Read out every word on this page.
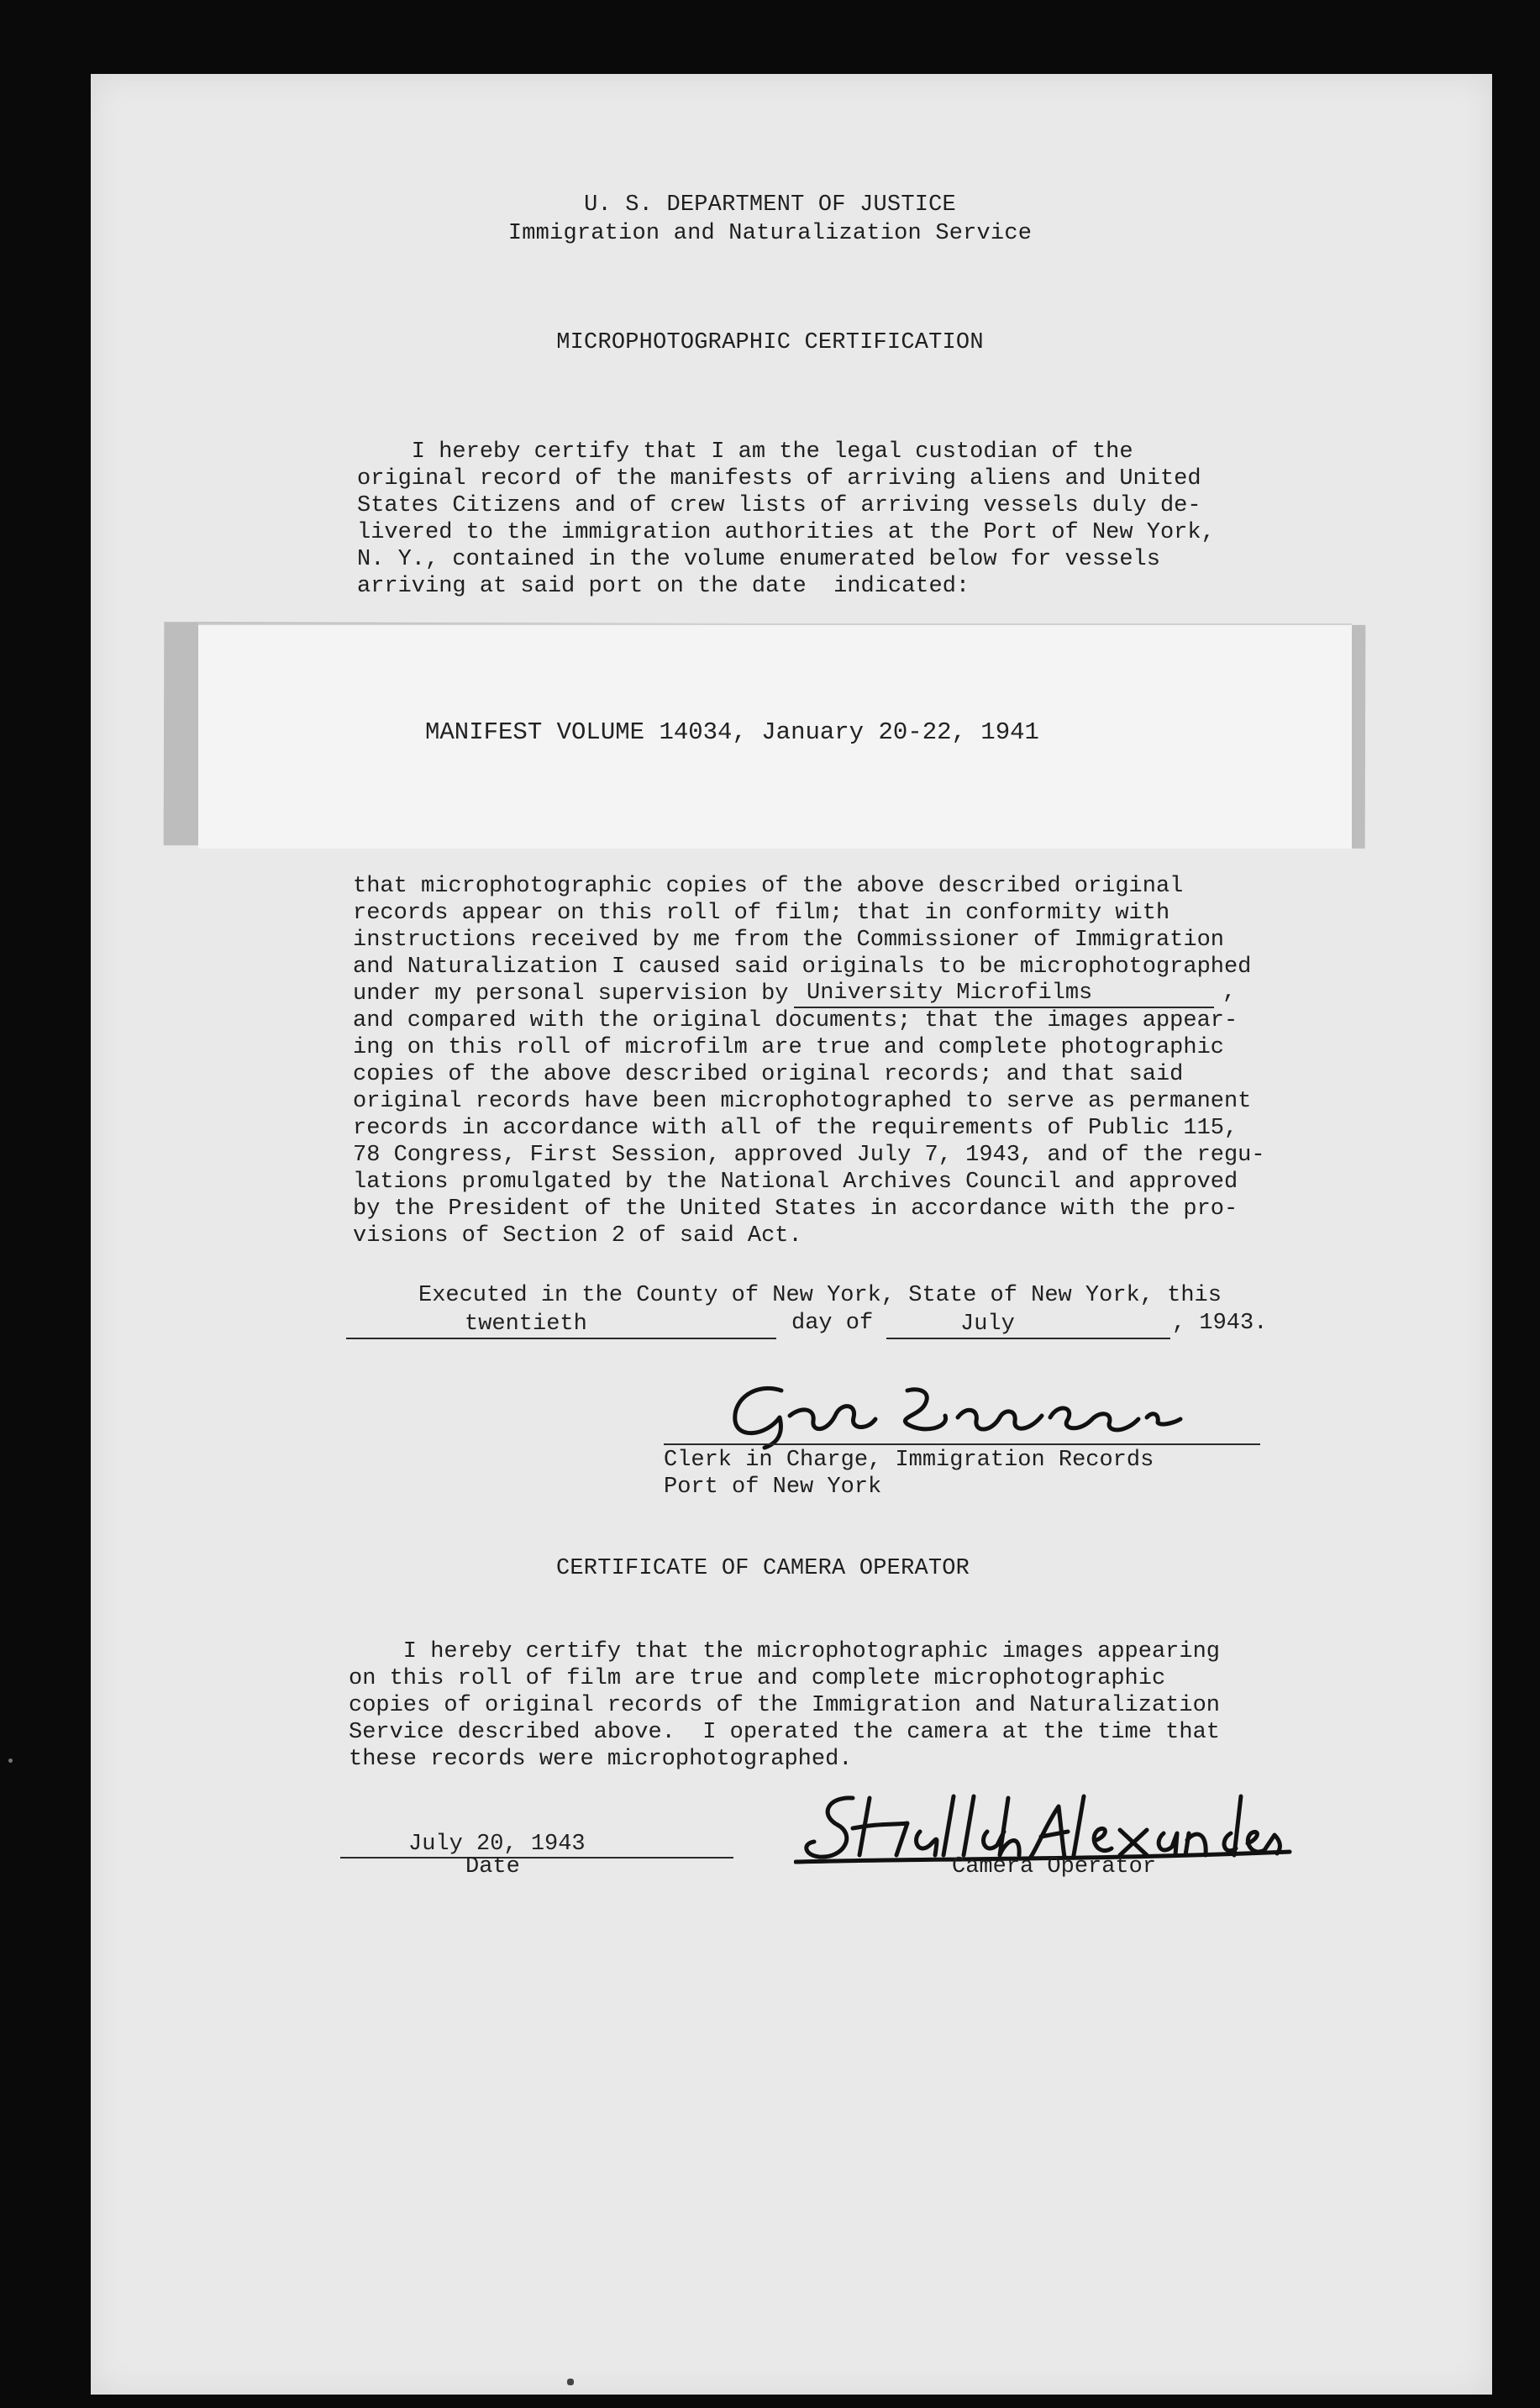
U. S. DEPARTMENT OF JUSTICE
Immigration and Naturalization Service
MICROPHOTOGRAPHIC CERTIFICATION
I hereby certify that I am the legal custodian of the
original record of the manifests of arriving aliens and United
States Citizens and of crew lists of arriving vessels duly de-
livered to the immigration authorities at the Port of New York,
N. Y., contained in the volume enumerated below for vessels
arriving at said port on the date  indicated:
MANIFEST VOLUME 14034, January 20-22, 1941
that microphotographic copies of the above described original
records appear on this roll of film; that in conformity with
instructions received by me from the Commissioner of Immigration
and Naturalization I caused said originals to be microphotographed
under my personal supervision by University Microfilms	,
and compared with the original documents; that the images appear-
ing on this roll of microfilm are true and complete photographic
copies of the above described original records; and that said
original records have been microphotographed to serve as permanent
records in accordance with all of the requirements of Public 115,
78 Congress, First Session, approved July 7, 1943, and of the regu-
lations promulgated by the National Archives Council and approved
by the President of the United States in accordance with the pro-
visions of Section 2 of said Act.
Executed in the County of New York, State of New York, this
twentieth	day of	July	, 1943.
Clerk in Charge, Immigration Records
Port of New York
CERTIFICATE OF CAMERA OPERATOR
I hereby certify that the microphotographic images appearing
on this roll of film are true and complete microphotographic
copies of original records of the Immigration and Naturalization
Service described above.  I operated the camera at the time that
these records were microphotographed.
July 20, 1943
Date	Camera Operator
